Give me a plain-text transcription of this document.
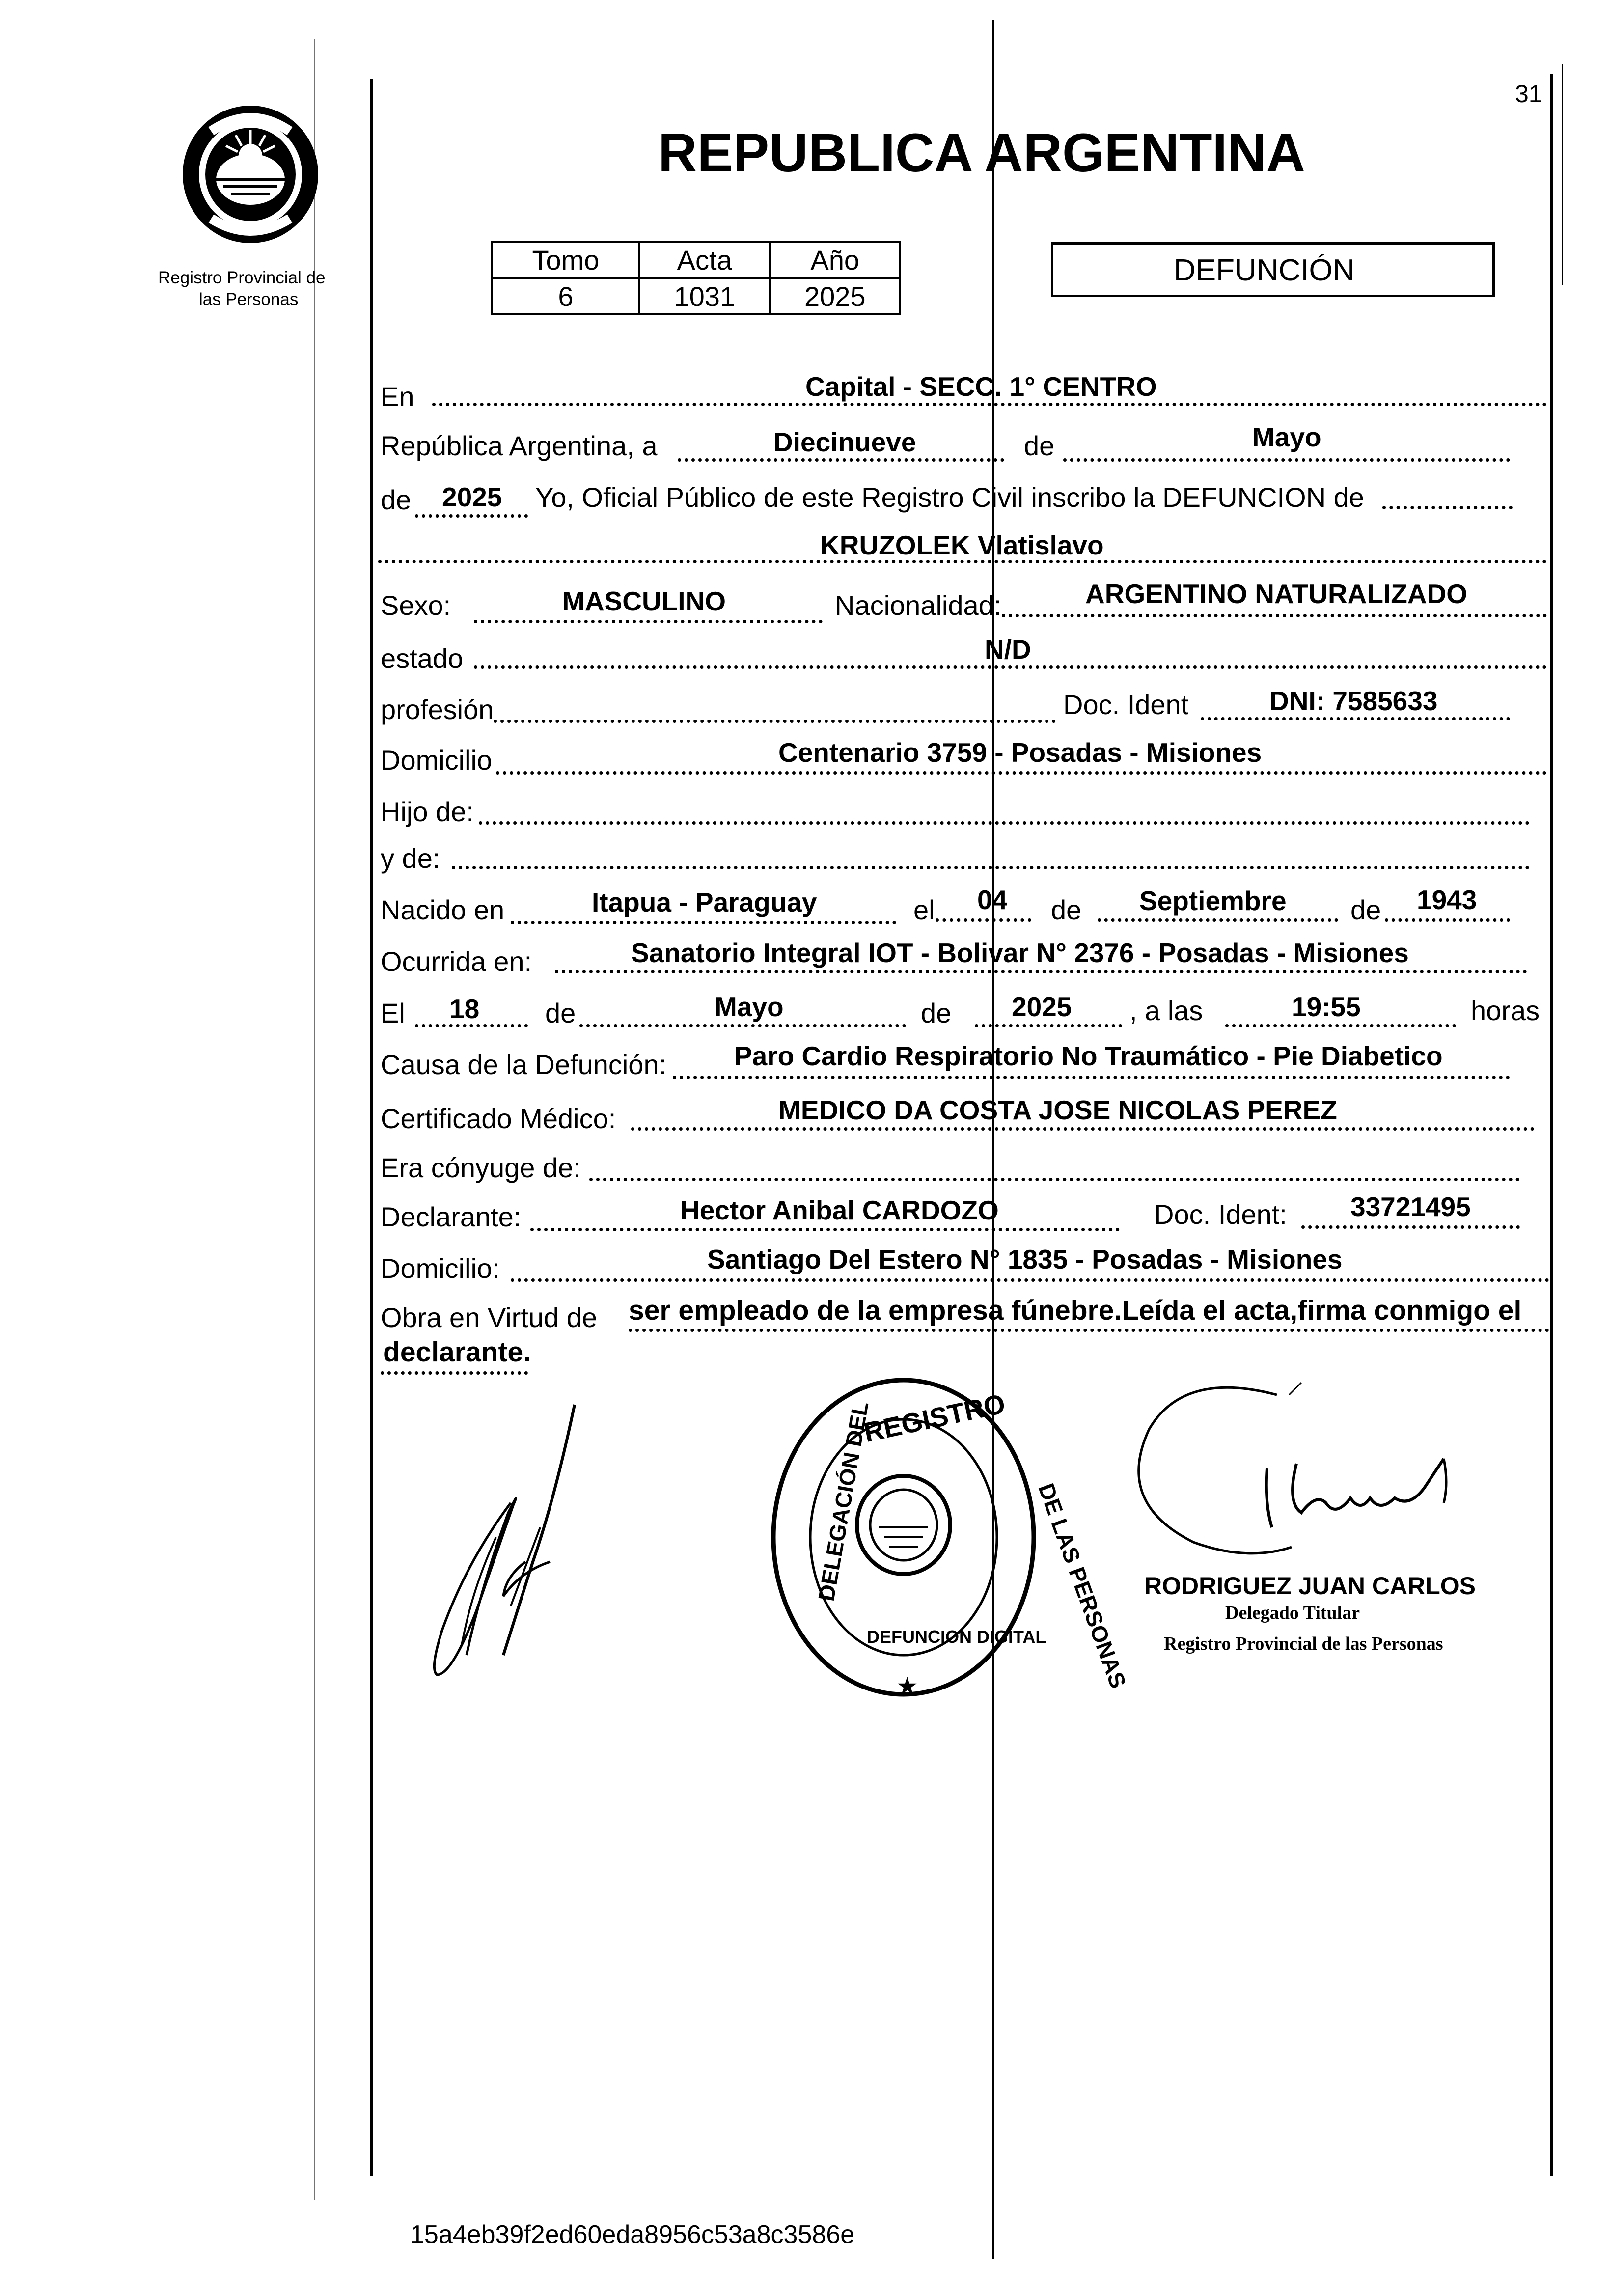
31
Registro Provincial de
las Personas
REPUBLICA ARGENTINA
Tomo	Acta	Año
6	1031	2025
DEFUNCIÓN
En	Capital - SECC. 1° CENTRO
República Argentina, a	Diecinueve	de	Mayo
de 2025 Yo, Oficial Público de este Registro Civil inscribo la DEFUNCION de
KRUZOLEK Vlatislavo
Sexo:	MASCULINO	Nacionalidad:	ARGENTINO NATURALIZADO
estado	N/D
profesión	Doc. Ident	DNI: 7585633
Domicilio	Centenario 3759 - Posadas - Misiones
Hijo de:
y de:
Nacido en	Itapua - Paraguay	el 04 de Septiembre de 1943
Ocurrida en:	Sanatorio Integral IOT - Bolivar N° 2376 - Posadas - Misiones
El 18 de	Mayo	de 2025 , a las	19:55	horas
Causa de la Defunción:	Paro Cardio Respiratorio No Traumático - Pie Diabetico
Certificado Médico:	MEDICO DA COSTA JOSE NICOLAS PEREZ
Era cónyuge de:
Declarante:	Hector Anibal CARDOZO	Doc. Ident: 33721495
Domicilio:	Santiago Del Estero N° 1835 - Posadas - Misiones
Obra en Virtud de ser empleado de la empresa fúnebre.Leída el acta,firma conmigo el
declarante.
REGISTRO
DEFUNCION DIGITAL
DELEGACIÓN DEL	DE LAS PERSONAS
★
RODRIGUEZ JUAN CARLOS
Delegado Titular
Registro Provincial de las Personas
15a4eb39f2ed60eda8956c53a8c3586e
